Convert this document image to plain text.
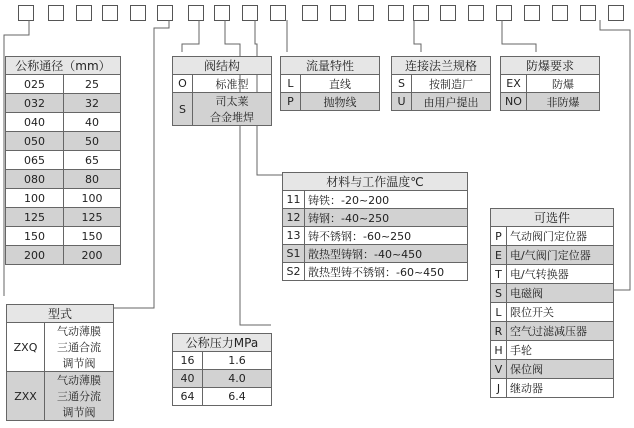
公称通径（mm）	
025	25
032	32
040	40
050	50
065	65
080	80
100	100
125	125
150	150
200	200
阀结构	
O	标准型
S	司太莱
合金堆焊
流量特性	
L	直线
P	抛物线
连接法兰规格	
S	按制造厂
U	由用户提出
防爆要求	
EX	防爆
NO	非防爆
材料与工作温度℃	
11	铸铁：-20~200
12	铸钢：-40~250
13	铸不锈钢：-60~250
S1	散热型铸钢：-40~450
S2	散热型铸不锈钢：-60~450
可选件	
P	气动阀门定位器
E	电/气阀门定位器
T	电/气转换器
S	电磁阀
L	限位开关
R	空气过滤减压器
H	手轮
V	保位阀
J	继动器
型式	
ZXQ	气动薄膜
三通合流
调节阀
ZXX	气动薄膜
三通分流
调节阀
公称压力MPa	
16	1.6
40	4.0
64	6.4
